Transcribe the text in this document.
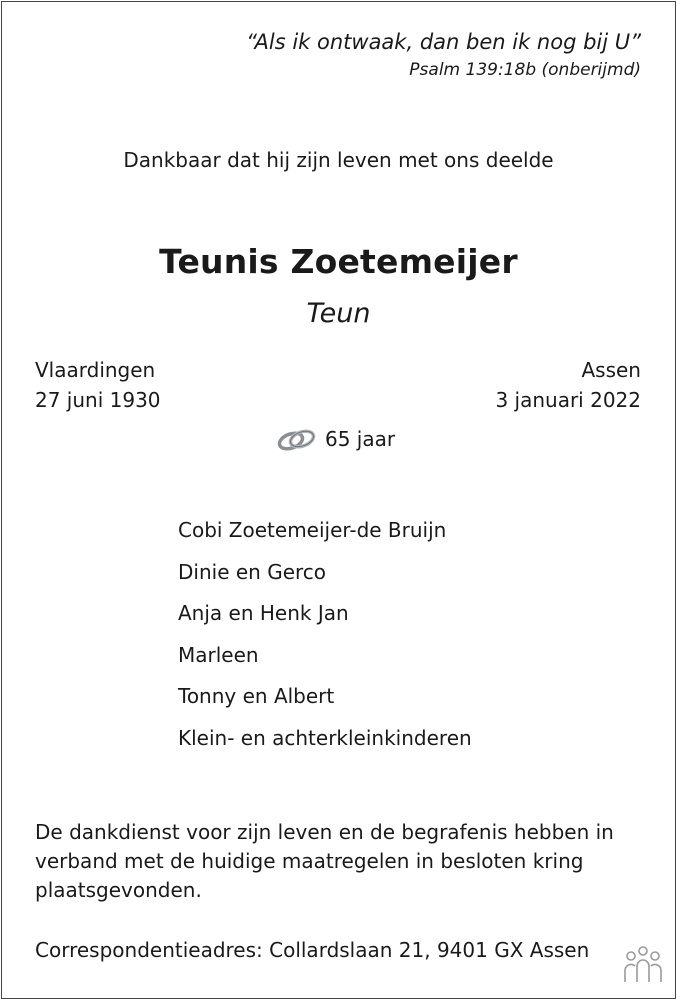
“Als ik ontwaak, dan ben ik nog bij U”
Psalm 139:18b (onberijmd)
Dankbaar dat hij zijn leven met ons deelde
Teunis Zoetemeijer
Teun
Vlaardingen
27 juni 1930
Assen
3 januari 2022
65 jaar
Cobi Zoetemeijer-de Bruijn
Dinie en Gerco
Anja en Henk Jan
Marleen
Tonny en Albert
Klein- en achterkleinkinderen
De dankdienst voor zijn leven en de begrafenis hebben in verband met de huidige maatregelen in besloten kring plaatsgevonden.
Correspondentieadres: Collardslaan 21, 9401 GX Assen
